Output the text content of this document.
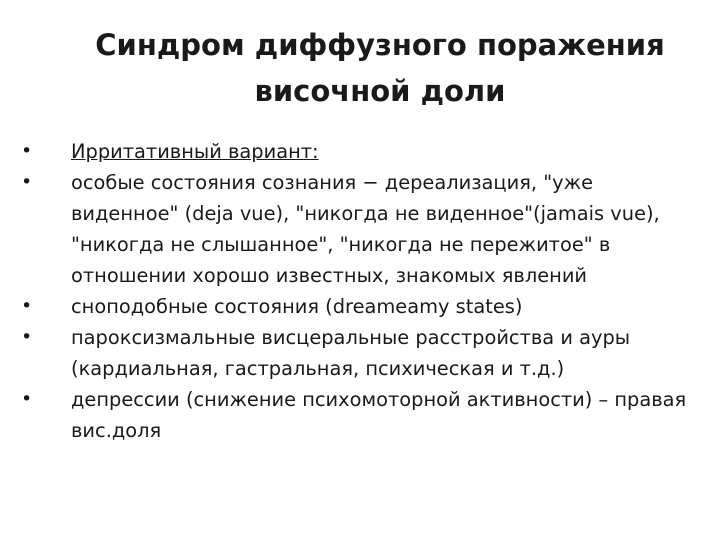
Синдром диффузного поражения
височной доли
•	Ирритативный вариант:
•	особые состояния сознания − дереализация, "уже виденное" (deja vue), "никогда не виденное"(jamais vue), "никогда не слышанное", "никогда не пережитое" в отношении хорошо известных, знакомых явлений
•	сноподобные состояния (dreameamy states)
•	пароксизмальные висцеральные расстройства и ауры (кардиальная, гастральная, психическая и т.д.)
•	депрессии (снижение психомоторной активности) – правая вис.доля
